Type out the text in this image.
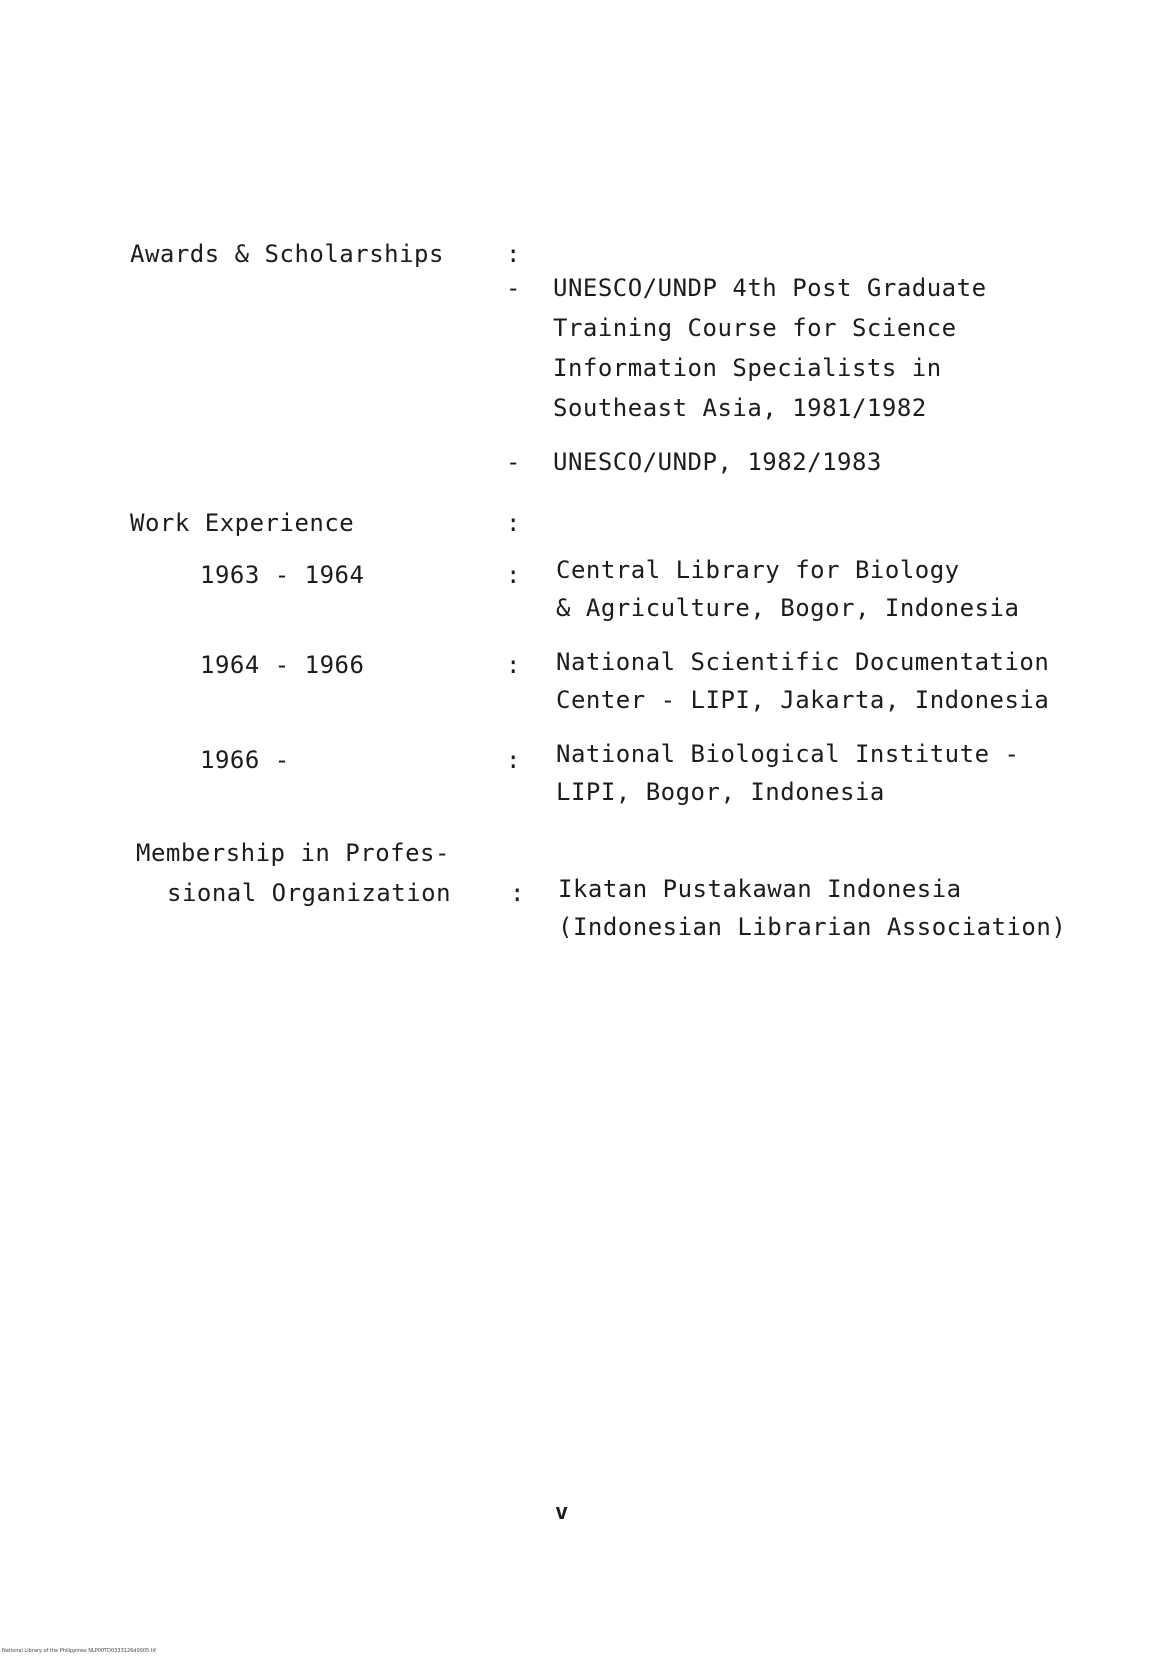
Awards & Scholarships	:
- UNESCO/UNDP 4th Post Graduate
Training Course for Science
Information Specialists in
Southeast Asia, 1981/1982
- UNESCO/UNDP, 1982/1983
Work Experience	:
1963 - 1964	: Central Library for Biology
& Agriculture, Bogor, Indonesia
1964 - 1966	: National Scientific Documentation
Center - LIPI, Jakarta, Indonesia
1966 -	: National Biological Institute -
LIPI, Bogor, Indonesia
Membership in Profes-
sional Organization : Ikatan Pustakawan Indonesia
(Indonesian Librarian Association)
v
National Library of the Philippines NLP00TD0333126d0005.tif
